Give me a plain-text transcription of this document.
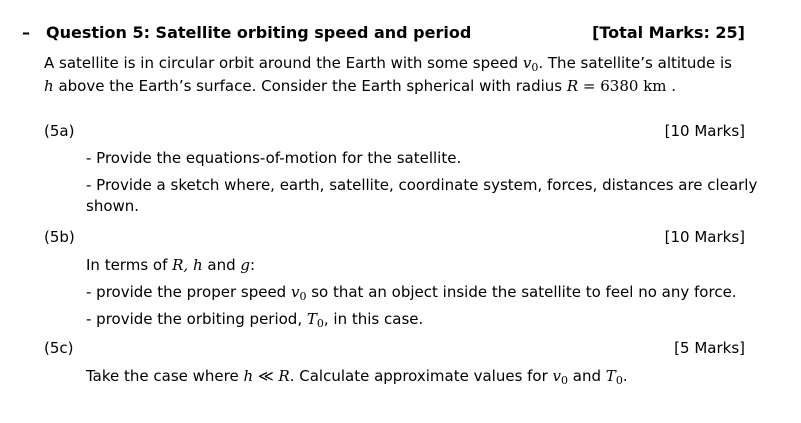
– Question 5: Satellite orbiting speed and period	[Total Marks: 25]
A satellite is in circular orbit around the Earth with some speed $v_0$. The satellite’s altitude is
h above the Earth’s surface. Consider the Earth spherical with radius R = 6380 km .
(5a)	[10 Marks]
- Provide the equations-of-motion for the satellite.
- Provide a sketch where, earth, satellite, coordinate system, forces, distances are clearly
shown.
(5b)	[10 Marks]
In terms of R, h and g:
- provide the proper speed $v_0$ so that an object inside the satellite to feel no any force.
- provide the orbiting period, $T_0$, in this case.
(5c)	[5 Marks]
Take the case where h ≪ R. Calculate approximate values for $v_0$ and $T_0$.
